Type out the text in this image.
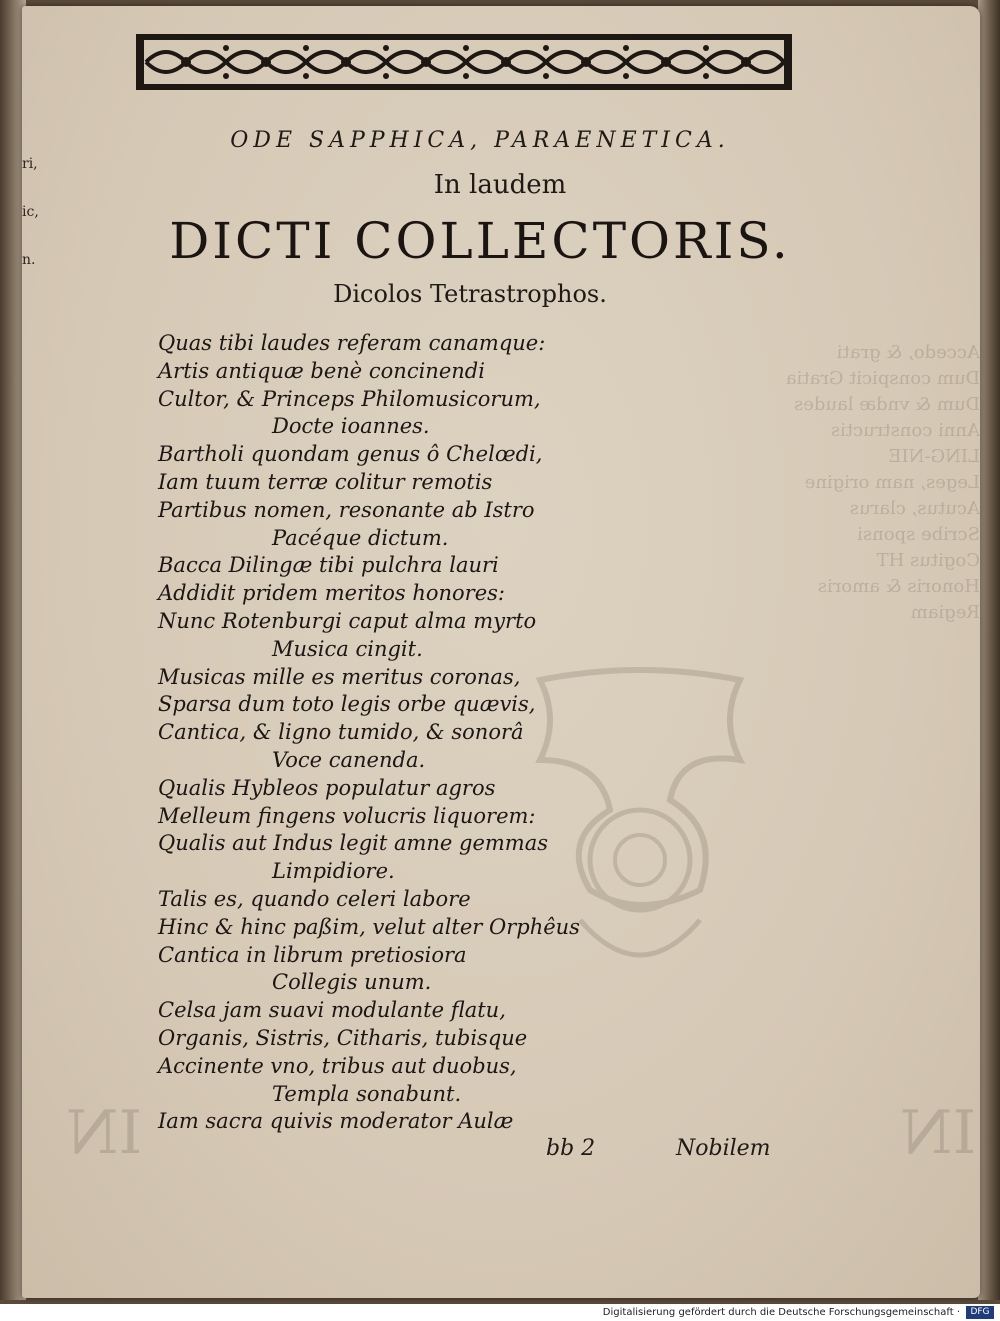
ri,
ic,
n.
Accedo, & grati
Dum conspicit Gratia
Dum & vndæ laudes
Anni constructis
LING-NIE
Leges, nam origine
Acutus, clarus
Scribe sponsi
Cogitus HT
Honoris & amoris
Regiam
IN	IN
ODE SAPPHICA, PARAENETICA.
In laudem
DICTI COLLECTORIS.
Dicolos Tetrastrophos.
Quas tibi laudes referam canamque:
Artis antiquæ benè concinendi
Cultor, & Princeps Philomusicorum,
Docte ioannes.
Bartholi quondam genus ô Chelœdi,
Iam tuum terræ colitur remotis
Partibus nomen, resonante ab Istro
Pacéque dictum.
Bacca Dilingæ tibi pulchra lauri
Addidit pridem meritos honores:
Nunc Rotenburgi caput alma myrto
Musica cingit.
Musicas mille es meritus coronas,
Sparsa dum toto legis orbe quævis,
Cantica, & ligno tumido, & sonorâ
Voce canenda.
Qualis Hybleos populatur agros
Melleum fingens volucris liquorem:
Qualis aut Indus legit amne gemmas
Limpidiore.
Talis es, quando celeri labore
Hinc & hinc paßim, velut alter Orphêus
Cantica in librum pretiosiora
Collegis unum.
Celsa jam suavi modulante flatu,
Organis, Sistris, Citharis, tubisque
Accinente vno, tribus aut duobus,
Templa sonabunt.
Iam sacra quivis moderator Aulæ
bb 2	Nobilem
Digitalisierung gefördert durch die Deutsche Forschungsgemeinschaft ·	DFG
